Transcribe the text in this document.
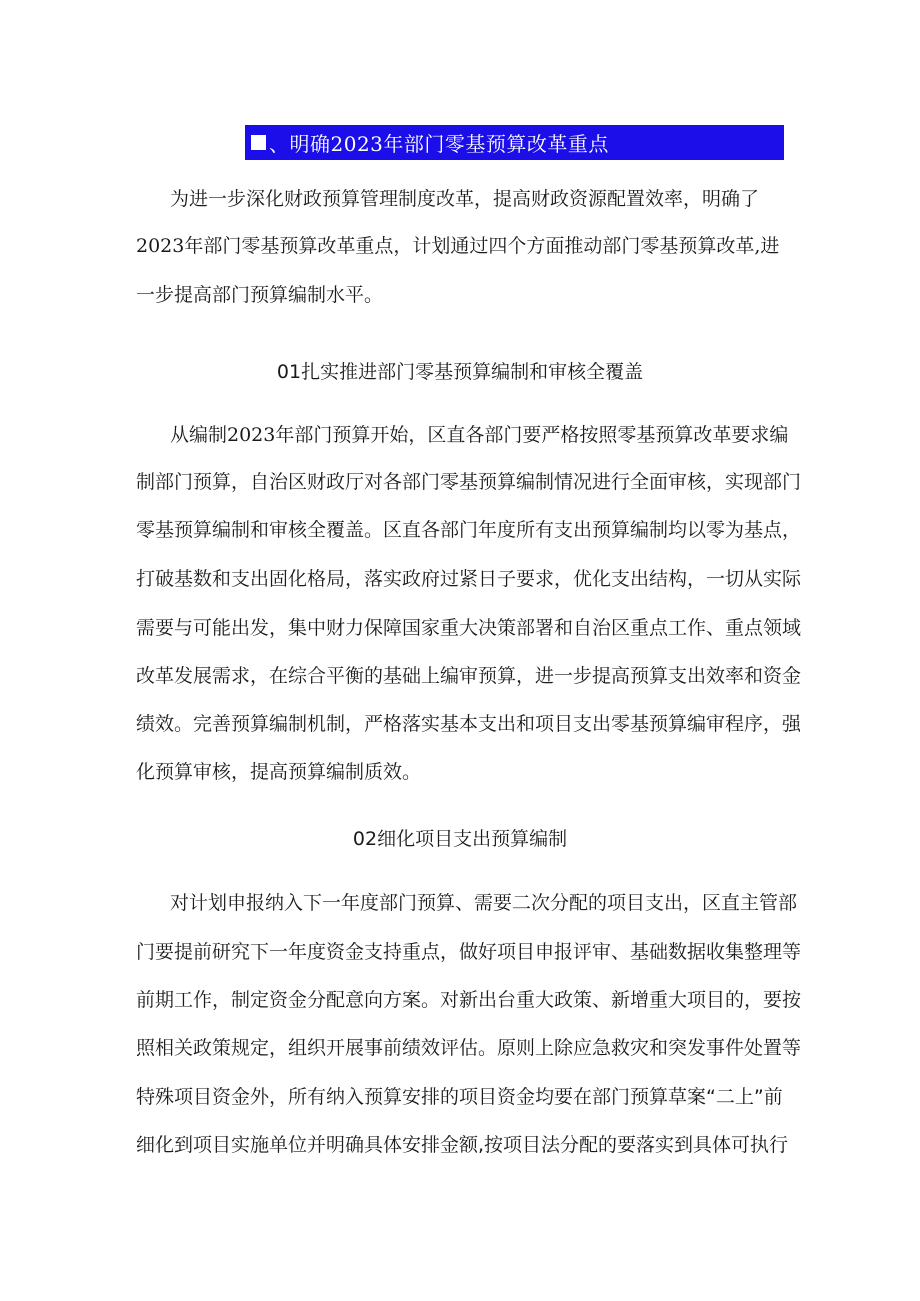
、明确2023年部门零基预算改革重点
为进一步深化财政预算管理制度改革，提高财政资源配置效率，明确了
2023年部门零基预算改革重点，计划通过四个方面推动部门零基预算改革,进
一步提高部门预算编制水平。
01扎实推进部门零基预算编制和审核全覆盖
从编制2023年部门预算开始，区直各部门要严格按照零基预算改革要求编
制部门预算，自治区财政厅对各部门零基预算编制情况进行全面审核，实现部门
零基预算编制和审核全覆盖。区直各部门年度所有支出预算编制均以零为基点，
打破基数和支出固化格局，落实政府过紧日子要求，优化支出结构，一切从实际
需要与可能出发，集中财力保障国家重大决策部署和自治区重点工作、重点领域
改革发展需求，在综合平衡的基础上编审预算，进一步提高预算支出效率和资金
绩效。完善预算编制机制，严格落实基本支出和项目支出零基预算编审程序，强
化预算审核，提高预算编制质效。
02细化项目支出预算编制
对计划申报纳入下一年度部门预算、需要二次分配的项目支出，区直主管部
门要提前研究下一年度资金支持重点，做好项目申报评审、基础数据收集整理等
前期工作，制定资金分配意向方案。对新出台重大政策、新增重大项目的，要按
照相关政策规定，组织开展事前绩效评估。原则上除应急救灾和突发事件处置等
特殊项目资金外，所有纳入预算安排的项目资金均要在部门预算草案“二上”前
细化到项目实施单位并明确具体安排金额,按项目法分配的要落实到具体可执行
